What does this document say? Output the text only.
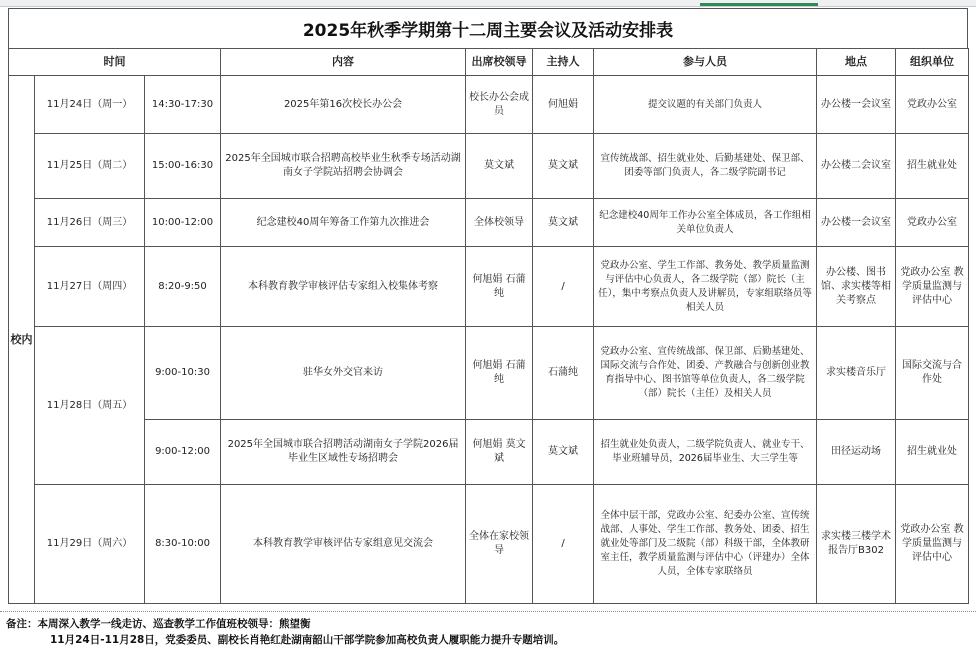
2025年秋季学期第十二周主要会议及活动安排表
时间			内容	出席校领导	主持人	参与人员	地点	组织单位
校内	11月24日（周一）	14:30-17:30	2025年第16次校长办公会	校长办公会成员	何旭娟	提交议题的有关部门负责人	办公楼一会议室	党政办公室
	11月25日（周二）	15:00-16:30	2025年全国城市联合招聘高校毕业生秋季专场活动湖南女子学院站招聘会协调会	莫文斌	莫文斌	宣传统战部、招生就业处、后勤基建处、保卫部、团委等部门负责人，各二级学院副书记	办公楼二会议室	招生就业处
	11月26日（周三）	10:00-12:00	纪念建校40周年筹备工作第九次推进会	全体校领导	莫文斌	纪念建校40周年工作办公室全体成员，各工作组相关单位负责人	办公楼一会议室	党政办公室
	11月27日（周四）	8:20-9:50	本科教育教学审核评估专家组入校集体考察	何旭娟 石蒲纯	/	党政办公室、学生工作部、教务处、教学质量监测与评估中心负责人，各二级学院（部）院长（主任），集中考察点负责人及讲解员，专家组联络员等相关人员	办公楼、图书馆、求实楼等相关考察点	党政办公室 教学质量监测与评估中心
	11月28日（周五）	9:00-10:30	驻华女外交官来访	何旭娟 石蒲纯	石蒲纯	党政办公室、宣传统战部、保卫部、后勤基建处、国际交流与合作处、团委、产教融合与创新创业教育指导中心、图书馆等单位负责人，各二级学院（部）院长（主任）及相关人员	求实楼音乐厅	国际交流与合作处
		9:00-12:00	2025年全国城市联合招聘活动湖南女子学院2026届毕业生区域性专场招聘会	何旭娟 莫文斌	莫文斌	招生就业处负责人，二级学院负责人、就业专干、毕业班辅导员，2026届毕业生、大三学生等	田径运动场	招生就业处
	11月29日（周六）	8:30-10:00	本科教育教学审核评估专家组意见交流会	全体在家校领导	/	全体中层干部，党政办公室、纪委办公室、宣传统战部、人事处、学生工作部、教务处、团委、招生就业处等部门及二级院（部）科级干部，全体教研室主任，教学质量监测与评估中心（评建办）全体人员，全体专家联络员	求实楼三楼学术报告厅B302	党政办公室 教学质量监测与评估中心
备注：本周深入教学一线走访、巡查教学工作值班校领导：熊望衡
11月24日-11月28日，党委委员、副校长肖艳红赴湖南韶山干部学院参加高校负责人履职能力提升专题培训。
